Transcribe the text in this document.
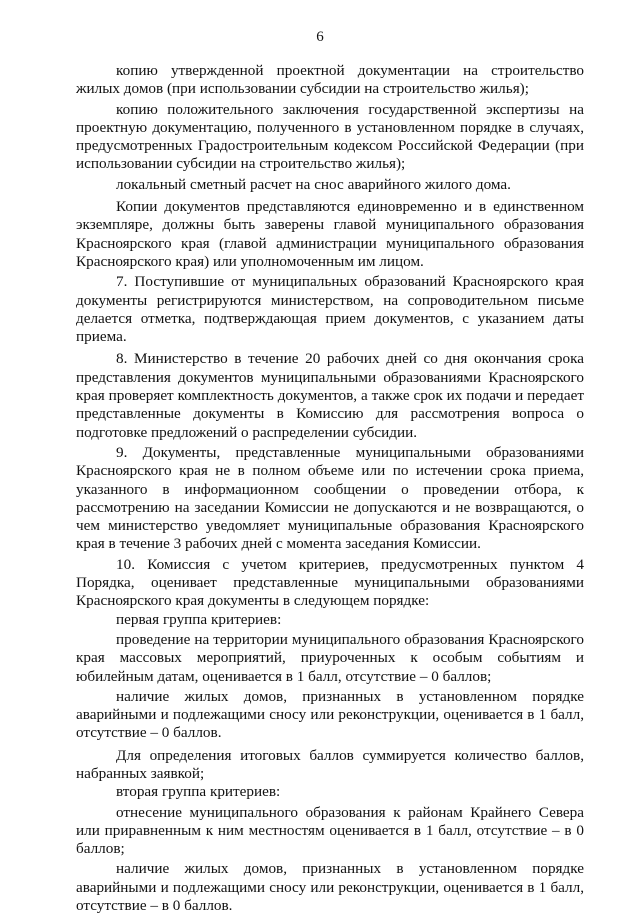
6

копию утвержденной проектной документации на строительство жилых домов (при использовании субсидии на строительство жилья);

копию положительного заключения государственной экспертизы на проектную документацию, полученного в установленном порядке в случаях, предусмотренных Градостроительным кодексом Российской Федерации (при использовании субсидии на строительство жилья);

локальный сметный расчет на снос аварийного жилого дома.

Копии документов представляются единовременно и в единственном экземпляре, должны быть заверены главой муниципального образования Красноярского края (главой администрации муниципального образования Красноярского края) или уполномоченным им лицом.

7. Поступившие от муниципальных образований Красноярского края документы регистрируются министерством, на сопроводительном письме делается отметка, подтверждающая прием документов, с указанием даты приема.

8. Министерство в течение 20 рабочих дней со дня окончания срока представления документов муниципальными образованиями Красноярского края проверяет комплектность документов, а также срок их подачи и передает представленные документы в Комиссию для рассмотрения вопроса о подготовке предложений о распределении субсидии.

9. Документы, представленные муниципальными образованиями Красноярского края не в полном объеме или по истечении срока приема, указанного в информационном сообщении о проведении отбора, к рассмотрению на заседании Комиссии не допускаются и не возвращаются, о чем министерство уведомляет муниципальные образования Красноярского края в течение 3 рабочих дней с момента заседания Комиссии.

10. Комиссия с учетом критериев, предусмотренных пунктом 4 Порядка, оценивает представленные муниципальными образованиями Красноярского края документы в следующем порядке:

первая группа критериев:

проведение на территории муниципального образования Красноярского края массовых мероприятий, приуроченных к особым событиям и юбилейным датам, оценивается в 1 балл, отсутствие – 0 баллов;

наличие жилых домов, признанных в установленном порядке аварийными и подлежащими сносу или реконструкции, оценивается в 1 балл, отсутствие – 0 баллов.

Для определения итоговых баллов суммируется количество баллов, набранных заявкой;

вторая группа критериев:

отнесение муниципального образования к районам Крайнего Севера или приравненным к ним местностям оценивается в 1 балл, отсутствие – в 0 баллов;

наличие жилых домов, признанных в установленном порядке аварийными и подлежащими сносу или реконструкции, оценивается в 1 балл, отсутствие – в 0 баллов.
